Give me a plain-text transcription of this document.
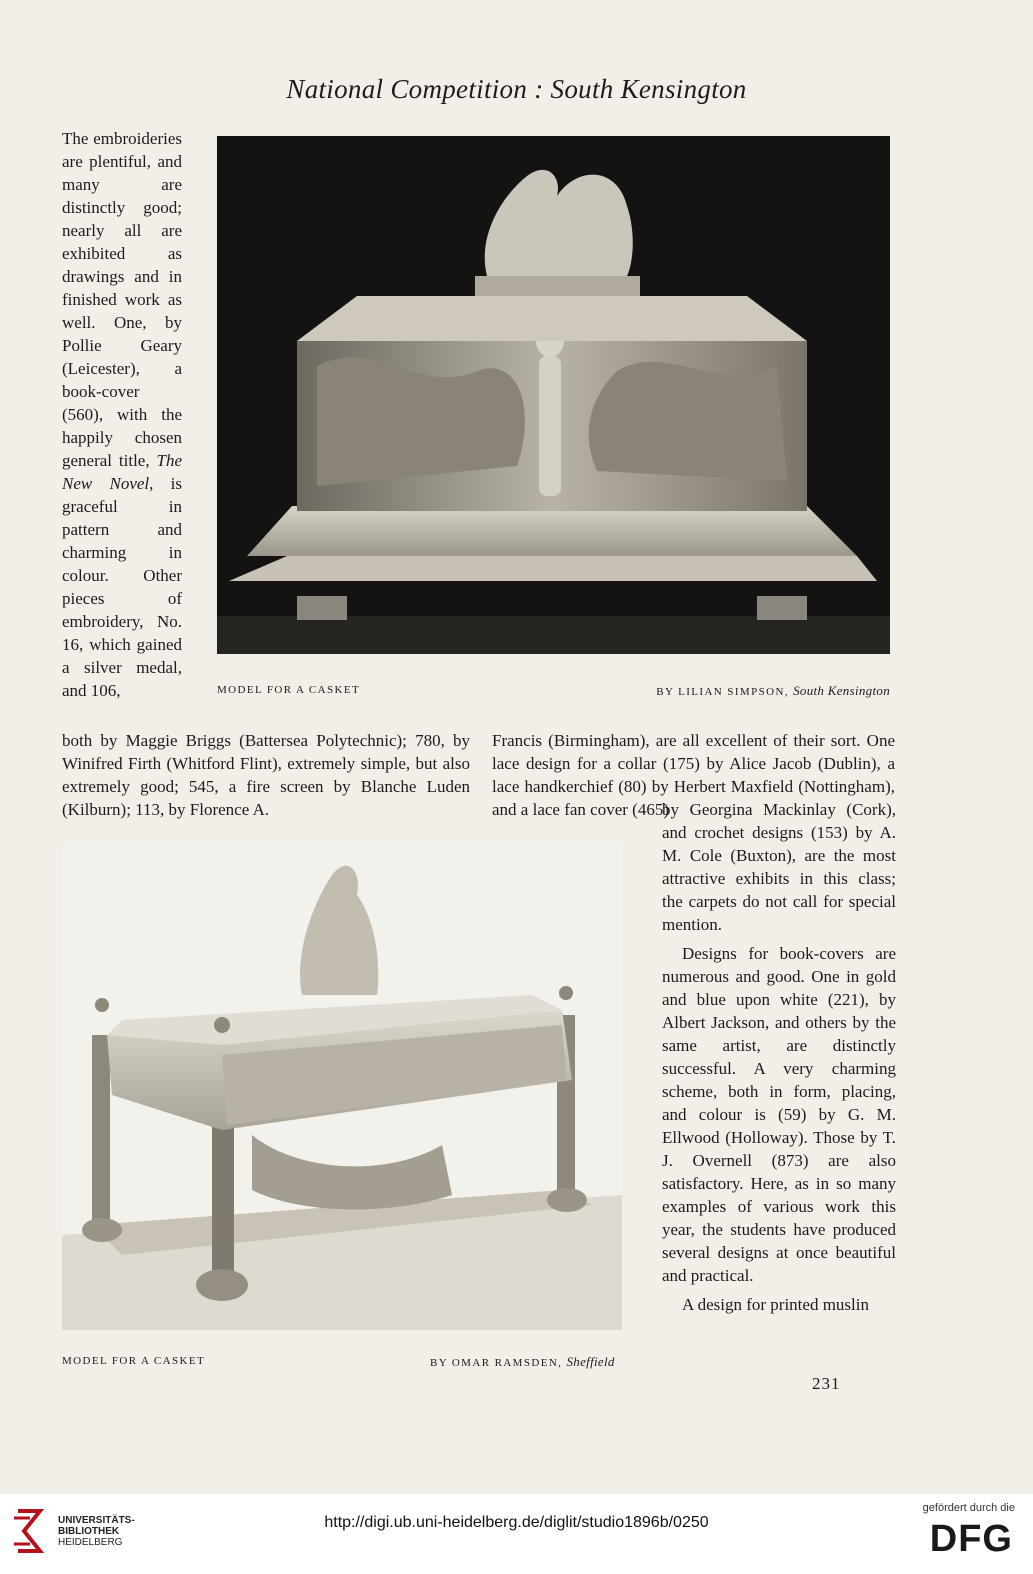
National Competition : South Kensington

The embroideries are plentiful, and many are distinctly good; nearly all are exhibited as drawings and in finished work as well. One, by Pollie Geary (Leicester), a book-cover (560), with the happily chosen general title, The New Novel, is graceful in pattern and charming in colour. Other pieces of embroidery, No. 16, which gained a silver medal, and 106,	MODEL FOR A CASKET	BY LILIAN SIMPSON, South Kensington

both by Maggie Briggs (Battersea Polytechnic); 780, by Winifred Firth (Whitford Flint), extremely simple, but also extremely good; 545, a fire screen by Blanche Luden (Kilburn); 113, by Florence A.

Francis (Birmingham), are all excellent of their sort. One lace design for a collar (175) by Alice Jacob (Dublin), a lace handkerchief (80) by Herbert Maxfield (Nottingham), and a lace fan cover (465)

MODEL FOR A CASKET	BY OMAR RAMSDEN, Sheffield

by Georgina Mackinlay (Cork), and crochet designs (153) by A. M. Cole (Buxton), are the most attractive exhibits in this class; the carpets do not call for special mention.

Designs for book-covers are numerous and good. One in gold and blue upon white (221), by Albert Jackson, and others by the same artist, are distinctly successful. A very charming scheme, both in form, placing, and colour is (59) by G. M. Ellwood (Holloway). Those by T. J. Overnell (873) are also satisfactory. Here, as in so many examples of various work this year, the students have produced several designs at once beautiful and practical.

A design for printed muslin

231
UNIVERSITÄTS-
BIBLIOTHEK
HEIDELBERG
http://digi.ub.uni-heidelberg.de/diglit/studio1896b/0250
gefördert durch die
DFG
